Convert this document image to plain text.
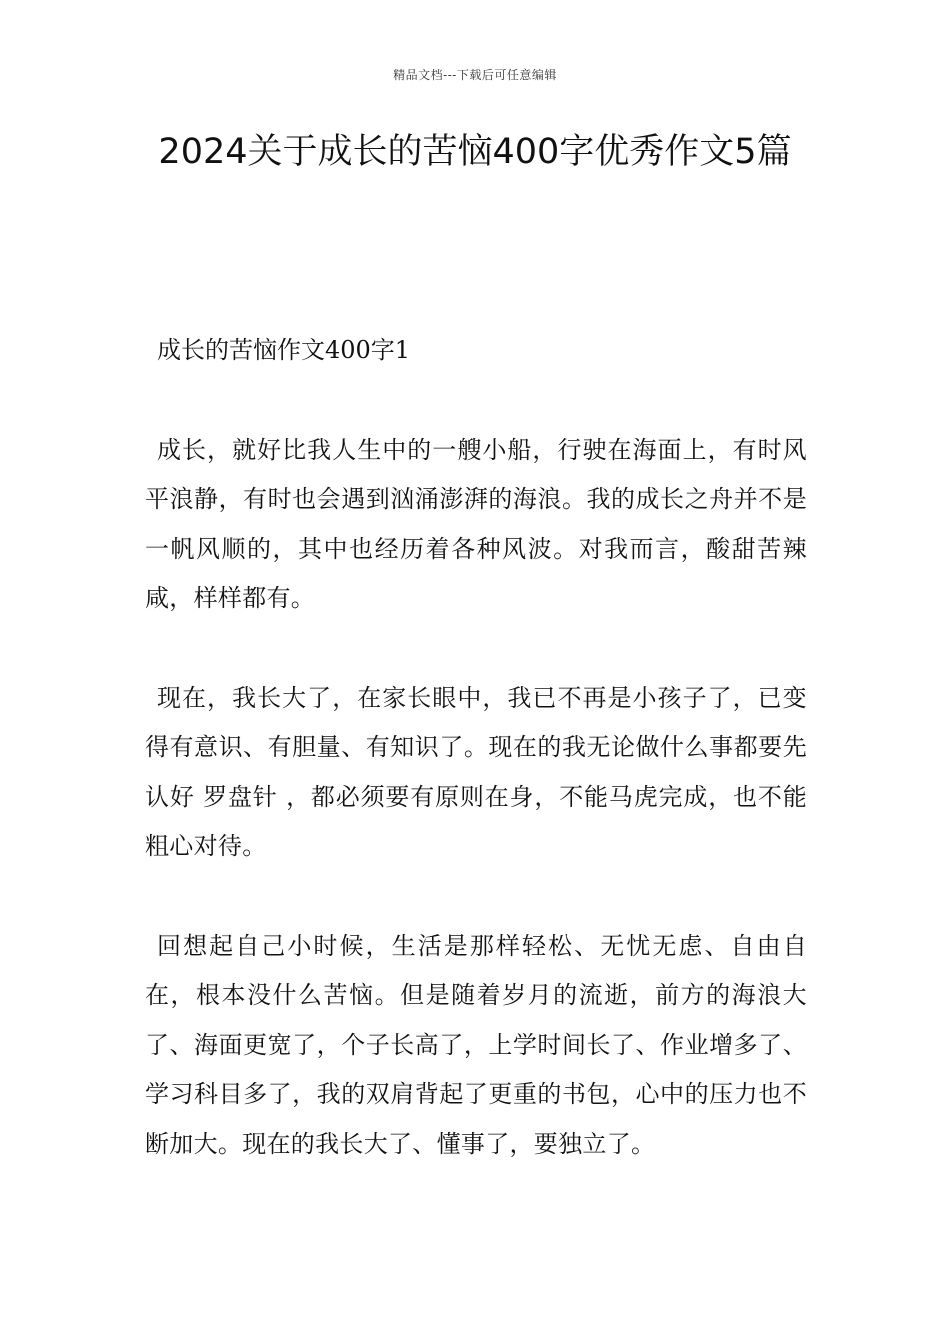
精品文档---下载后可任意编辑
2024关于成长的苦恼400字优秀作文5篇

成长的苦恼作文400字1

成长，就好比我人生中的一艘小船，行驶在海面上，有时风平浪静，有时也会遇到汹涌澎湃的海浪。我的成长之舟并不是一帆风顺的，其中也经历着各种风波。对我而言，酸甜苦辣咸，样样都有。

现在，我长大了，在家长眼中，我已不再是小孩子了，已变得有意识、有胆量、有知识了。现在的我无论做什么事都要先认好 罗盘针 ，都必须要有原则在身，不能马虎完成，也不能粗心对待。

回想起自己小时候，生活是那样轻松、无忧无虑、自由自在，根本没什么苦恼。但是随着岁月的流逝，前方的海浪大了、海面更宽了，个子长高了，上学时间长了、作业增多了、学习科目多了，我的双肩背起了更重的书包，心中的压力也不断加大。现在的我长大了、懂事了，要独立了。
